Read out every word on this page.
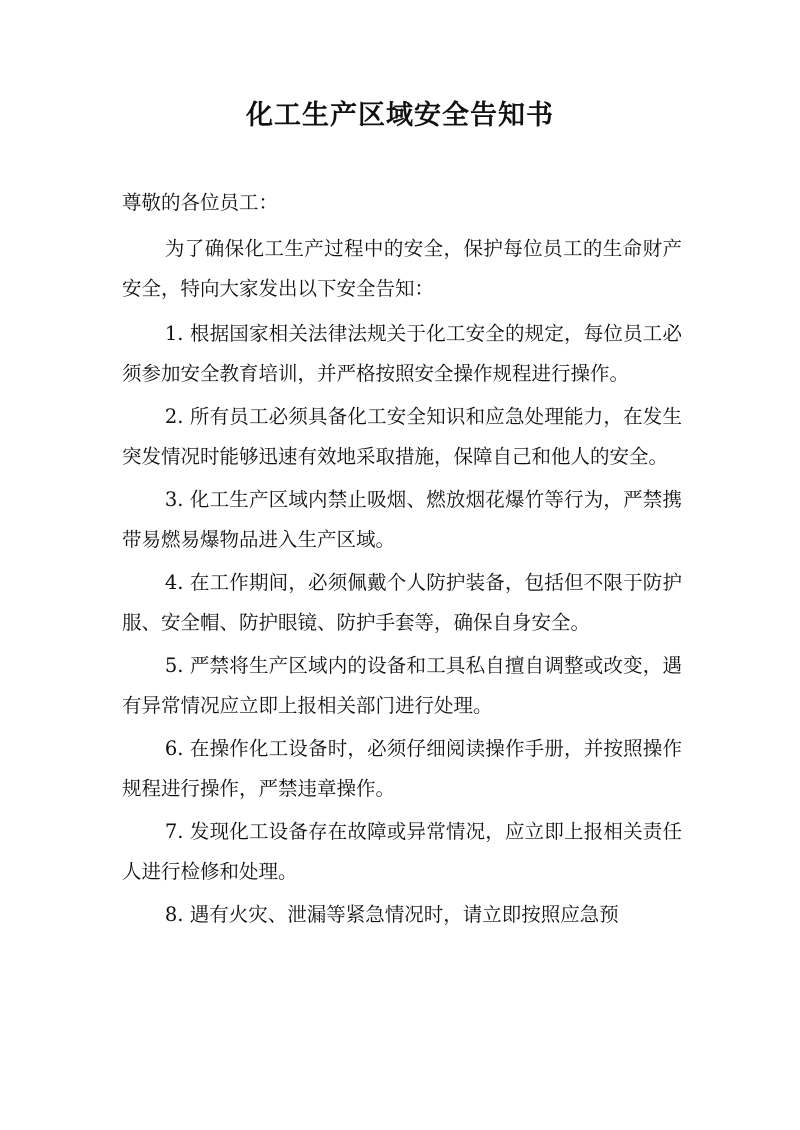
化工生产区域安全告知书

尊敬的各位员工：

为了确保化工生产过程中的安全，保护每位员工的生命财产安全，特向大家发出以下安全告知：

1. 根据国家相关法律法规关于化工安全的规定，每位员工必须参加安全教育培训，并严格按照安全操作规程进行操作。

2. 所有员工必须具备化工安全知识和应急处理能力，在发生突发情况时能够迅速有效地采取措施，保障自己和他人的安全。

3. 化工生产区域内禁止吸烟、燃放烟花爆竹等行为，严禁携带易燃易爆物品进入生产区域。

4. 在工作期间，必须佩戴个人防护装备，包括但不限于防护服、安全帽、防护眼镜、防护手套等，确保自身安全。

5. 严禁将生产区域内的设备和工具私自擅自调整或改变，遇有异常情况应立即上报相关部门进行处理。

6. 在操作化工设备时，必须仔细阅读操作手册，并按照操作规程进行操作，严禁违章操作。

7. 发现化工设备存在故障或异常情况，应立即上报相关责任人进行检修和处理。

8. 遇有火灾、泄漏等紧急情况时，请立即按照应急预
